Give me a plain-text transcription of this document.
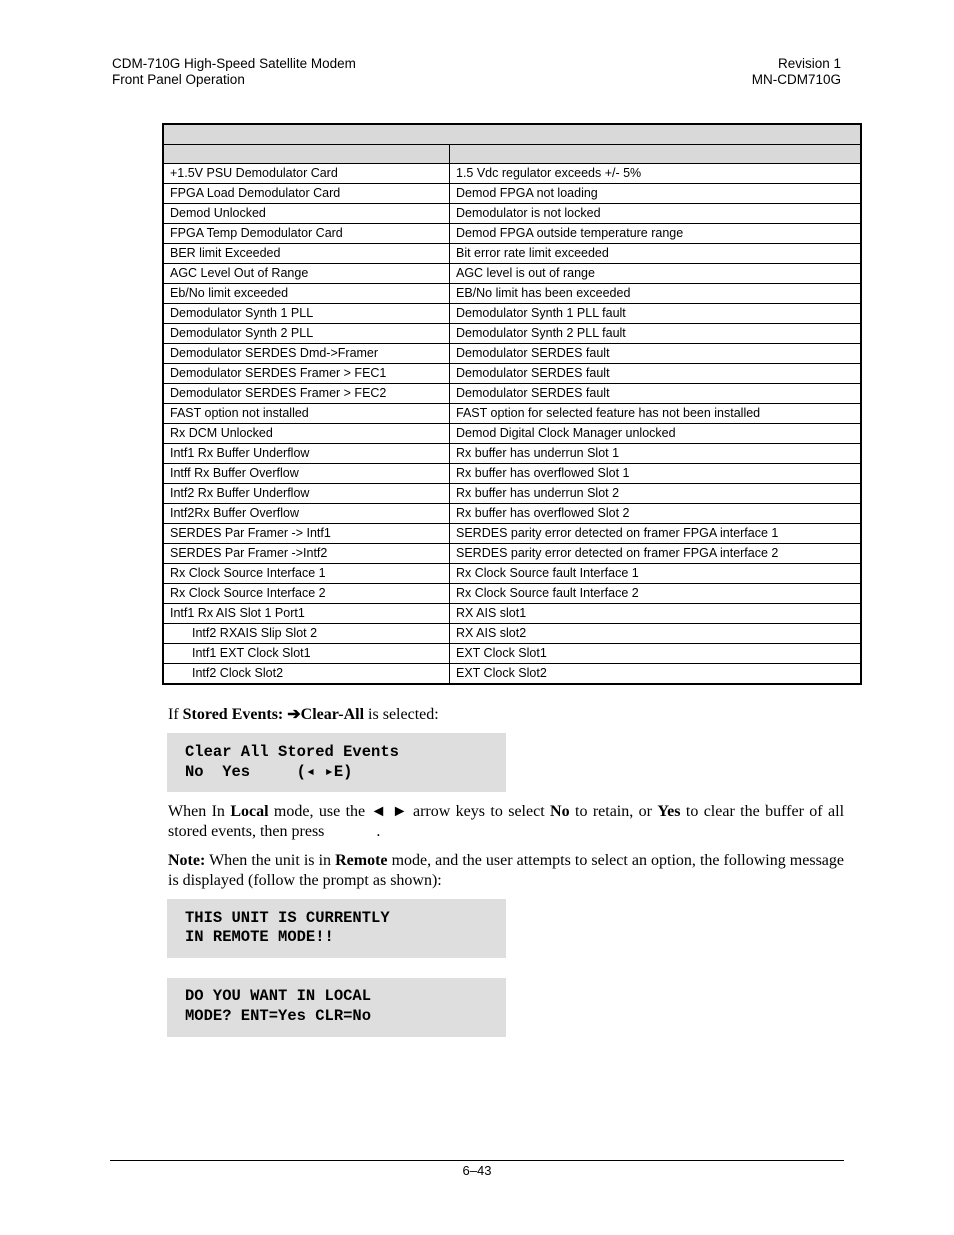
CDM-710G High-Speed Satellite Modem
Front Panel Operation
Revision 1
MN-CDM710G

+1.5V PSU Demodulator Card	1.5 Vdc regulator exceeds +/- 5%
FPGA Load Demodulator Card	Demod FPGA not loading
Demod Unlocked	Demodulator is not locked
FPGA Temp Demodulator Card	Demod FPGA outside temperature range
BER limit Exceeded	Bit error rate limit exceeded
AGC Level Out of Range	AGC level is out of range
Eb/No limit exceeded	EB/No limit has been exceeded
Demodulator Synth 1 PLL	Demodulator Synth 1 PLL fault
Demodulator Synth 2 PLL	Demodulator Synth 2 PLL fault
Demodulator SERDES Dmd->Framer	Demodulator SERDES fault
Demodulator SERDES Framer > FEC1	Demodulator SERDES fault
Demodulator SERDES Framer > FEC2	Demodulator SERDES fault
FAST option not installed	FAST option for selected feature has not been installed
Rx DCM Unlocked	Demod Digital Clock Manager unlocked
Intf1 Rx Buffer Underflow	Rx buffer has underrun Slot 1
Intff Rx Buffer Overflow	Rx buffer has overflowed Slot 1
Intf2 Rx Buffer Underflow	Rx buffer has underrun Slot 2
Intf2Rx Buffer Overflow	Rx buffer has overflowed Slot 2
SERDES Par Framer -> Intf1	SERDES parity error detected on framer FPGA interface 1
SERDES Par Framer ->Intf2	SERDES parity error detected on framer FPGA interface 2
Rx Clock Source Interface 1	Rx Clock Source fault Interface 1
Rx Clock Source Interface 2	Rx Clock Source fault Interface 2
Intf1 Rx AIS Slot 1 Port1	RX AIS slot1
Intf2 RXAIS Slip Slot 2	RX AIS slot2
Intf1 EXT Clock Slot1	EXT Clock Slot1
Intf2 Clock Slot2	EXT Clock Slot2
If Stored Events: ➔Clear-All is selected:
Clear All Stored Events
No  Yes     (◂ ▸E)
When In Local mode, use the ◄ ► arrow keys to select No to retain, or Yes to clear the buffer of all stored events, then press	.
Note: When the unit is in Remote mode, and the user attempts to select an option, the following message is displayed (follow the prompt as shown):
THIS UNIT IS CURRENTLY
IN REMOTE MODE!!
DO YOU WANT IN LOCAL
MODE? ENT=Yes CLR=No
6–43
